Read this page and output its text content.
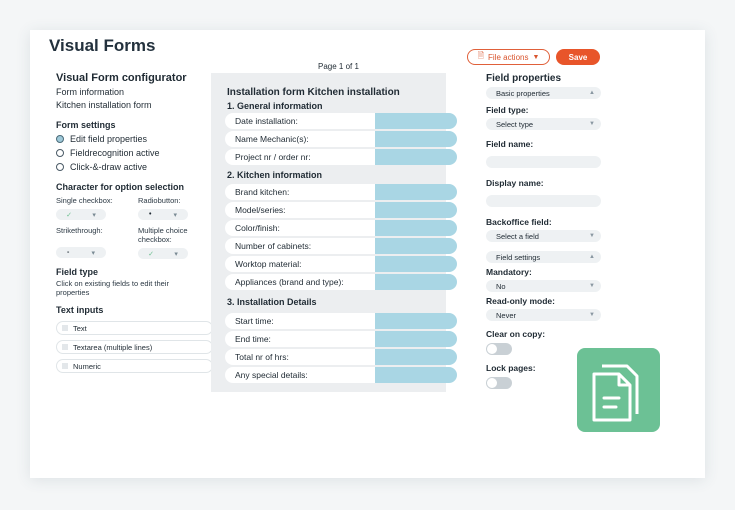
Visual Forms
Visual Form configurator
Form information
Kitchen installation form
Form settings
Edit field properties
Fieldrecognition active
Click-&-draw active
Character for option selection
Single checkbox:
✓	▾
Radiobutton:
•	▾
Strikethrough:
-	▾
Multiple choice checkbox:
✓	▾
Field type
Click on existing fields to edit their properties
Text inputs
Text
Textarea (multiple lines)
Numeric
Page 1 of 1
Installation form Kitchen installation
1. General information
Date installation:
Name Mechanic(s):
Project nr / order nr:
2. Kitchen information
Brand kitchen:
Model/series:
Color/finish:
Number of cabinets:
Worktop material:
Appliances (brand and type):
3. Installation Details
Start time:
End time:
Total nr of hrs:
Any special details:
🗎 File actions ▼	Save
Field properties
Basic properties	▲
Field type:
Select type	▼
Field name:
Display name:
Backoffice field:
Select a field	▼
Field settings	▲
Mandatory:
No	▼
Read-only mode:
Never	▼
Clear on copy:
Lock pages:
